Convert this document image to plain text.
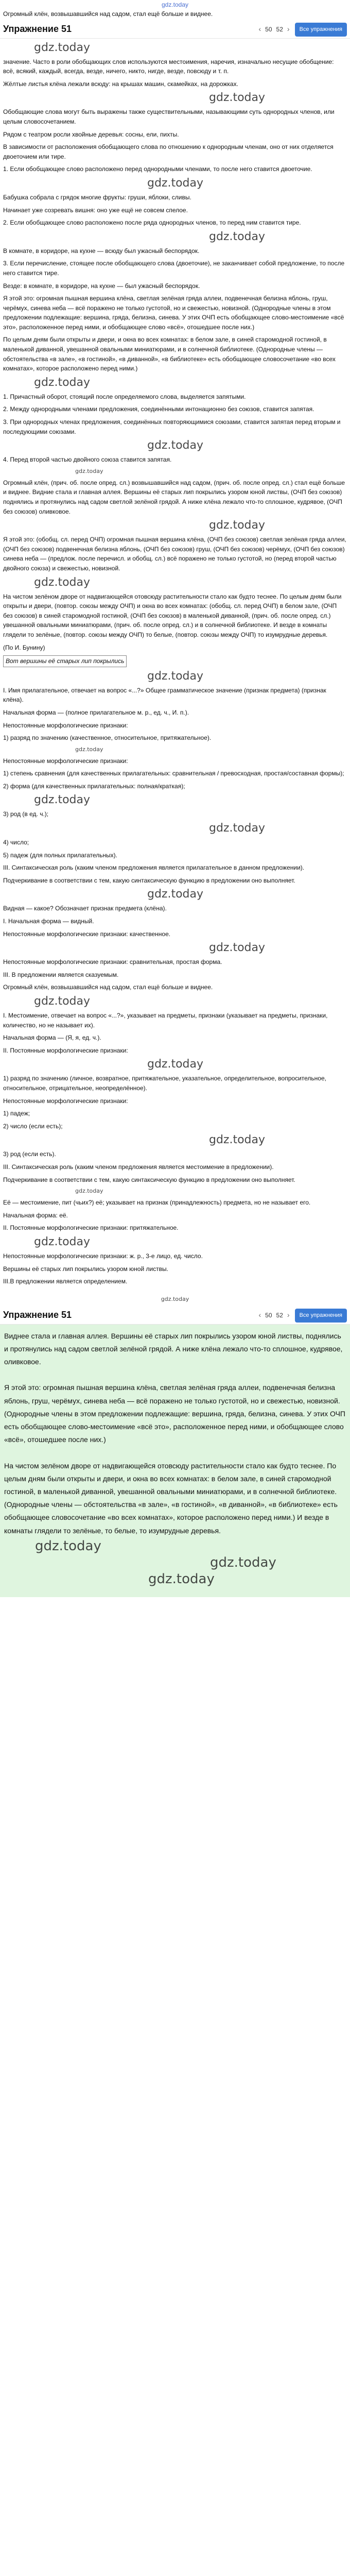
gdz.today
Огромный клён, возвышавшийся над садом, стал ещё больше и виднее.
Упражнение 51	‹ 50 52 ›	Все упражнения
gdz.today

значение. Часто в роли обобщающих слов используются местоимения, наречия, изначально несущие обобщение: всё, всякий, каждый, всегда, везде, ничего, никто, нигде, везде, повсюду и т. п.

Жёлтые листья клёна лежали всюду: на крышах машин, скамейках, на дорожках.

gdz.today

Обобщающие слова могут быть выражены также существительными, называющими суть однородных членов, или целым словосочетанием.

Рядом с театром росли хвойные деревья: сосны, ели, пихты.

В зависимости от расположения обобщающего слова по отношению к однородным членам, оно от них отделяется двоеточием или тире.

1. Если обобщающее слово расположено перед однородными членами, то после него ставится двоеточие.

gdz.today

Бабушка собрала с грядок многие фрукты: груши, яблоки, сливы.

Начинает уже созревать вишня: оно уже ещё не совсем спелое.

2. Если обобщающее слово расположено после ряда однородных членов, то перед ним ставится тире.

gdz.today

В комнате, в коридоре, на кухне — всюду был ужасный беспорядок.

3. Если перечисление, стоящее после обобщающего слова (двоеточие), не заканчивает собой предложение, то после него ставится тире.

Везде: в комнате, в коридоре, на кухне — был ужасный беспорядок.

Я этой это: огромная пышная вершина клёна, светлая зелёная гряда аллеи, подвенечная белизна яблонь, груш, черёмух, синева неба — всё поражено не только густотой, но и свежестью, новизной. (Однородные члены в этом предложении подлежащие: вершина, гряда, белизна, синева. У этих ОЧП есть обобщающее слово-местоимение «всё это», расположенное перед ними, и обобщающее слово «всё», отошедшее после них.)

По целым дням были открыты и двери, и окна во всех комнатах: в белом зале, в синей старомодной гостиной, в маленькой диванной, увешанной овальными миниатюрами, и в солнечной библиотеке. (Однородные члены — обстоятельства «в зале», «в гостиной», «в диванной», «в библиотеке» есть обобщающее словосочетание «во всех комнатах», которое расположено перед ними.)

gdz.today

1. Причастный оборот, стоящий после определяемого слова, выделяется запятыми.

2. Между однородными членами предложения, соединёнными интонационно без союзов, ставится запятая.

3. При однородных членах предложения, соединённых повторяющимися союзами, ставится запятая перед вторым и последующими союзами.

gdz.today

4. Перед второй частью двойного союза ставится запятая.

gdz.today

Огромный клён, (прич. об. после опред. сл.) возвышавшийся над садом, (прич. об. после опред. сл.) стал ещё больше и виднее. Видние стала и главная аллея. Вершины её старых лип покрылись узором юной листвы, (ОЧП без союзов) поднялись и протянулись над садом светлой зелёной грядой. А ниже клёна лежало что-то сплошное, кудрявое, (ОЧП без союзов) оливковое.

gdz.today

Я этой это: (обобщ. сл. перед ОЧП) огромная пышная вершина клёна, (ОЧП без союзов) светлая зелёная гряда аллеи, (ОЧП без союзов) подвенечная белизна яблонь, (ОЧП без союзов) груш, (ОЧП без союзов) черёмух, (ОЧП без союзов) синева неба — (предлож. после перечисл. и обобщ. сл.) всё поражено не только густотой, но (перед второй частью двойного союза) и свежестью, новизной.

gdz.today

На чистом зелёном дворе от надвигающейся отовсюду растительности стало как будто теснее. По целым дням были открыты и двери, (повтор. союзы между ОЧП) и окна во всех комнатах: (обобщ. сл. перед ОЧП) в белом зале, (ОЧП без союзов) в синей старомодной гостиной, (ОЧП без союзов) в маленькой диванной, (прич. об. после опред. сл.) увешанной овальными миниатюрами, (прич. об. после опред. сл.) и в солнечной библиотеке. И везде в комнаты глядели то зелёные, (повтор. союзы между ОЧП) то белые, (повтор. союзы между ОЧП) то изумрудные деревья.

(По И. Бунину)

Вот вершины её старых лип покрылись

gdz.today

I. Имя прилагательное, отвечает на вопрос «...?» Общее грамматическое значение (признак предмета) (признак клёна).

Начальная форма — (полное прилагательное м. р., ед. ч., И. п.).

Непостоянные морфологические признаки:

1) разряд по значению (качественное, относительное, притяжательное).

gdz.today

Непостоянные морфологические признаки:

1) степень сравнения (для качественных прилагательных: сравнительная / превосходная, простая/составная формы);

2) форма (для качественных прилагательных: полная/краткая);

gdz.today

3) род (в ед. ч.);

gdz.today

4) число;

5) падеж (для полных прилагательных).

III. Синтаксическая роль (каким членом предложения является прилагательное в данном предложении).

Подчеркивание в соответствии с тем, какую синтаксическую функцию в предложении оно выполняет.

gdz.today

Видная — какое? Обозначает признак предмета (клёна).

I. Начальная форма — видный.

Непостоянные морфологические признаки: качественное.

gdz.today

Непостоянные морфологические признаки: сравнительная, простая форма.

III. В предложении является сказуемым.

Огромный клён, возвышавшийся над садом, стал ещё больше и виднее.

gdz.today

I. Местоимение, отвечает на вопрос «...?», указывает на предметы, признаки (указывает на предметы, признаки, количество, но не называет их).

Начальная форма — (Я, я, ед. ч.).

II. Постоянные морфологические признаки:

gdz.today

1) разряд по значению (личное, возвратное, притяжательное, указательное, определительное, вопросительное, относительное, отрицательное, неопределённое).

Непостоянные морфологические признаки:

1) падеж;

2) число (если есть);

gdz.today

3) род (если есть).

III. Синтаксическая роль (каким членом предложения является местоимение в предложении).

Подчеркивание в соответствии с тем, какую синтаксическую функцию в предложении оно выполняет.

gdz.today

Её — местоимение, пит (чьих?) её; указывает на признак (принадлежность) предмета, но не называет его.

Начальная форма: её.

II. Постоянные морфологические признаки: притяжательное.

gdz.today

Непостоянные морфологические признаки: ж. р., 3-е лицо, ед. число.

Вершины её старых лип покрылись узором юной листвы.

III.В предложении является определением.

gdz.today
Упражнение 51	‹ 50 52 ›	Все упражнения
Виднее стала и главная аллея. Вершины её старых лип покрылись узором юной листвы, поднялись и протянулись над садом светлой зелёной грядой. А ниже клёна лежало что-то сплошное, кудрявое, оливковое.

Я этой это: огромная пышная вершина клёна, светлая зелёная гряда аллеи, подвенечная белизна яблонь, груш, черёмух, синева неба — всё поражено не только густотой, но и свежестью, новизной. (Однородные члены в этом предложении подлежащие: вершина, гряда, белизна, синева. У этих ОЧП есть обобщающее слово-местоимение «всё это», расположенное перед ними, и обобщающее слово «всё», отошедшее после них.)

На чистом зелёном дворе от надвигающейся отовсюду растительности стало как будто теснее. По целым дням были открыты и двери, и окна во всех комнатах: в белом зале, в синей старомодной гостиной, в маленькой диванной, увешанной овальными миниатюрами, и в солнечной библиотеке. (Однородные члены — обстоятельства «в зале», «в гостиной», «в диванной», «в библиотеке» есть обобщающее словосочетание «во всех комнатах», которое расположено перед ними.) И везде в комнаты глядели то зелёные, то белые, то изумрудные деревья.
gdz.today
gdz.today
gdz.today
